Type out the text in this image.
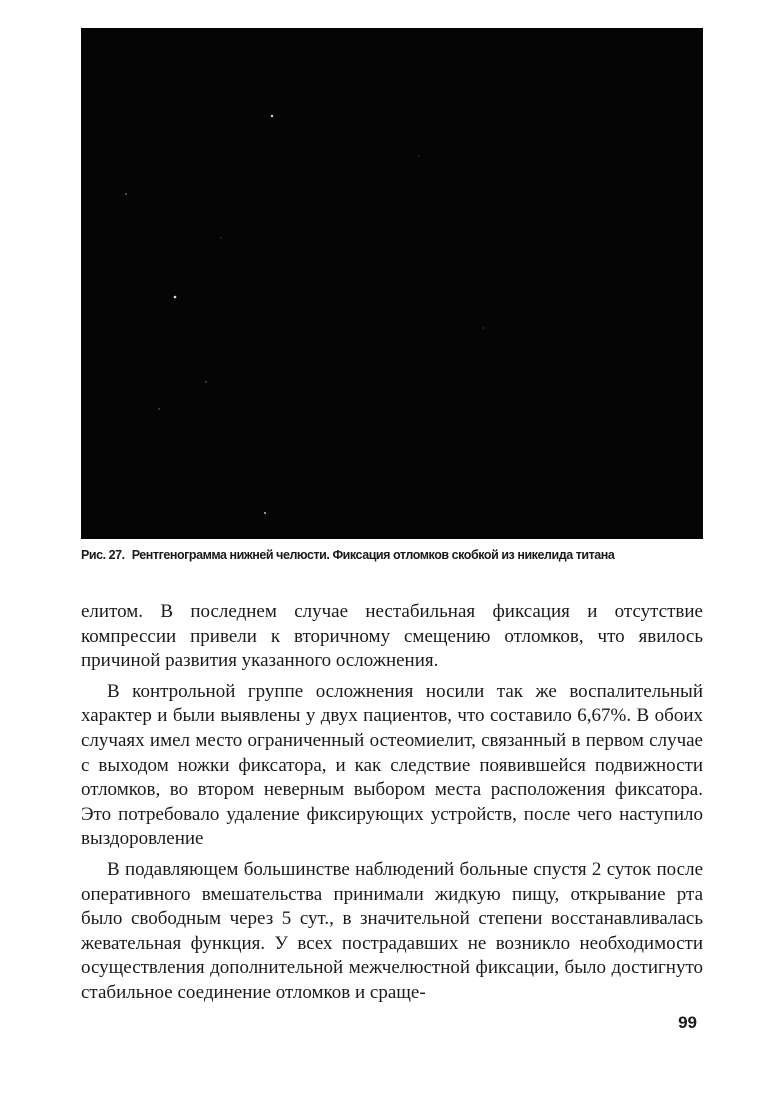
Рис. 27. Рентгенограмма нижней челюсти. Фиксация отломков скобкой из никелида титана

елитом. В последнем случае нестабильная фиксация и отсутствие компрессии привели к вторичному смещению отломков, что явилось причиной развития указанного осложнения.

В контрольной группе осложнения носили так же воспалительный характер и были выявлены у двух пациентов, что составило 6,67%. В обоих случаях имел место ограниченный остеомиелит, связанный в первом случае с выходом ножки фиксатора, и как следствие появившейся подвижности отломков, во втором неверным выбором места расположения фиксатора. Это потребовало удаление фиксирующих устройств, после чего наступило выздоровление

В подавляющем большинстве наблюдений больные спустя 2 суток после оперативного вмешательства принимали жидкую пищу, открывание рта было свободным через 5 сут., в значительной степени восстанавливалась жевательная функция. У всех пострадавших не возникло необходимости осуществления дополнительной межчелюстной фиксации, было достигнуто стабильное соединение отломков и сраще-

99
